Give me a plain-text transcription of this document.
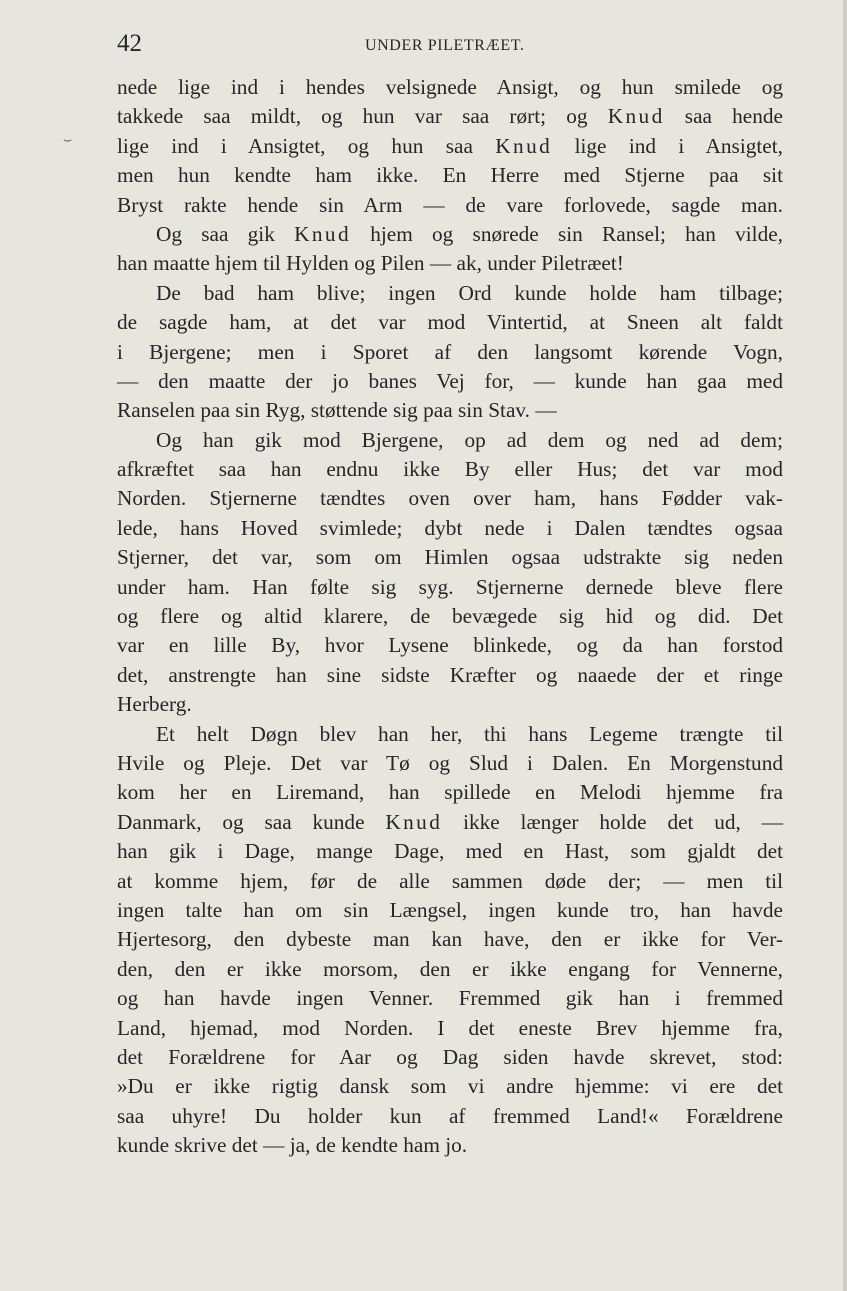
42	UNDER PILETRÆET.
⌣
nede lige ind i hendes velsignede Ansigt, og hun smilede og
takkede saa mildt, og hun var saa rørt; og Knud saa hende
lige ind i Ansigtet, og hun saa Knud lige ind i Ansigtet,
men hun kendte ham ikke. En Herre med Stjerne paa sit
Bryst rakte hende sin Arm — de vare forlovede, sagde man.
Og saa gik Knud hjem og snørede sin Ransel; han vilde,
han maatte hjem til Hylden og Pilen — ak, under Piletræet!
De bad ham blive; ingen Ord kunde holde ham tilbage;
de sagde ham, at det var mod Vintertid, at Sneen alt faldt
i Bjergene; men i Sporet af den langsomt kørende Vogn,
— den maatte der jo banes Vej for, — kunde han gaa med
Ranselen paa sin Ryg, støttende sig paa sin Stav. —
Og han gik mod Bjergene, op ad dem og ned ad dem;
afkræftet saa han endnu ikke By eller Hus; det var mod
Norden. Stjernerne tændtes oven over ham, hans Fødder vak-
lede, hans Hoved svimlede; dybt nede i Dalen tændtes ogsaa
Stjerner, det var, som om Himlen ogsaa udstrakte sig neden
under ham. Han følte sig syg. Stjernerne dernede bleve flere
og flere og altid klarere, de bevægede sig hid og did. Det
var en lille By, hvor Lysene blinkede, og da han forstod
det, anstrengte han sine sidste Kræfter og naaede der et ringe
Herberg.
Et helt Døgn blev han her, thi hans Legeme trængte til
Hvile og Pleje. Det var Tø og Slud i Dalen. En Morgenstund
kom her en Liremand, han spillede en Melodi hjemme fra
Danmark, og saa kunde Knud ikke længer holde det ud, —
han gik i Dage, mange Dage, med en Hast, som gjaldt det
at komme hjem, før de alle sammen døde der; — men til
ingen talte han om sin Længsel, ingen kunde tro, han havde
Hjertesorg, den dybeste man kan have, den er ikke for Ver-
den, den er ikke morsom, den er ikke engang for Vennerne,
og han havde ingen Venner. Fremmed gik han i fremmed
Land, hjemad, mod Norden. I det eneste Brev hjemme fra,
det Forældrene for Aar og Dag siden havde skrevet, stod:
»Du er ikke rigtig dansk som vi andre hjemme: vi ere det
saa uhyre! Du holder kun af fremmed Land!« Forældrene
kunde skrive det — ja, de kendte ham jo.
